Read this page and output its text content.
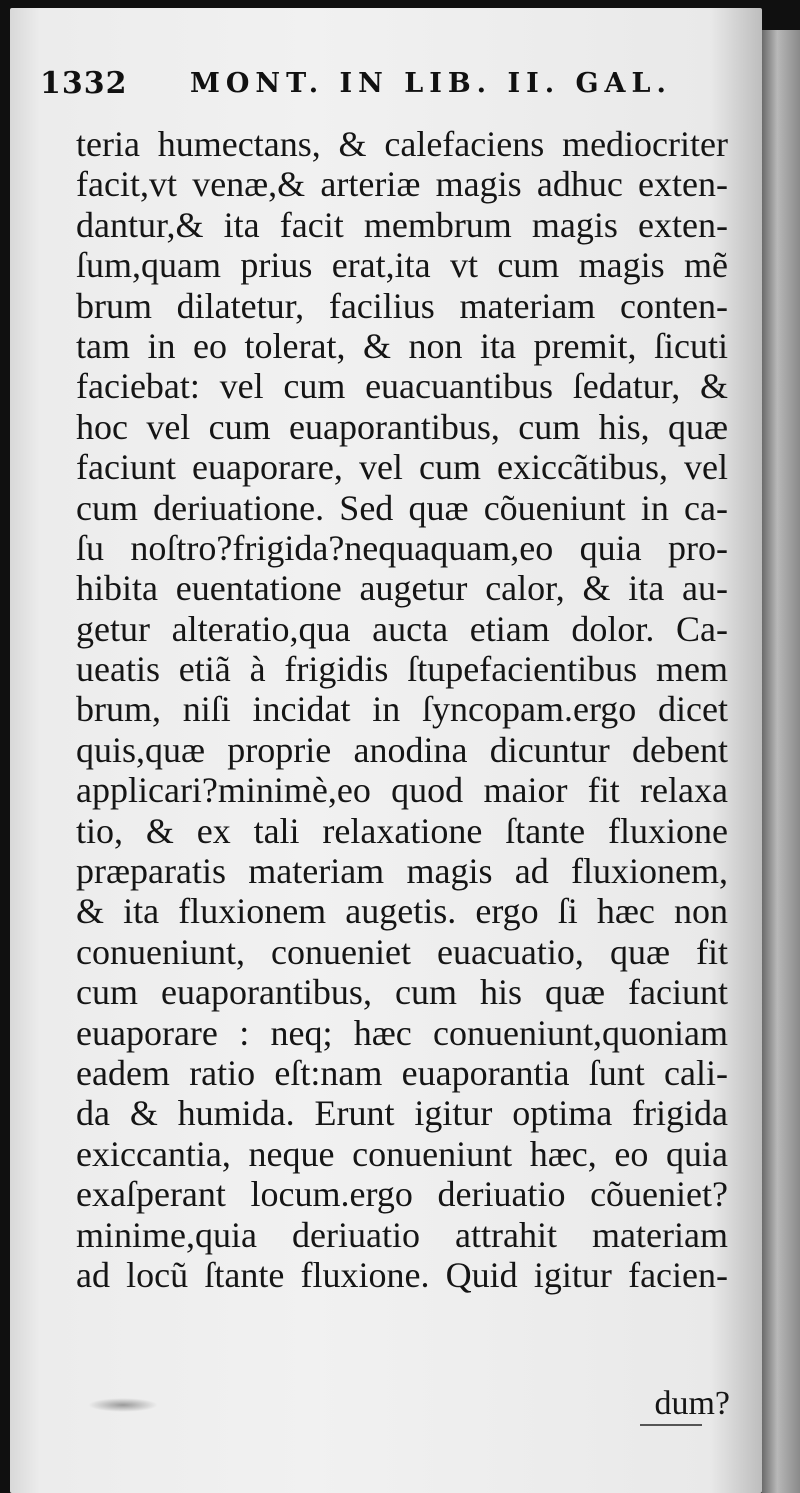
1332 MONT. IN LIB. II. GAL.
teria humectans, & calefaciens mediocriter
facit,vt venæ,& arteriæ magis adhuc exten-
dantur,& ita facit membrum magis exten-
ſum,quam prius erat,ita vt cum magis mẽ
brum dilatetur, facilius materiam conten-
tam in eo tolerat, & non ita premit, ſicuti
faciebat: vel cum euacuantibus ſedatur, &
hoc vel cum euaporantibus, cum his, quæ
faciunt euaporare, vel cum exiccãtibus, vel
cum deriuatione. Sed quæ cõueniunt in ca-
ſu noſtro?frigida?nequaquam,eo quia pro-
hibita euentatione augetur calor, & ita au-
getur alteratio,qua aucta etiam dolor. Ca-
ueatis etiã à frigidis ſtupefacientibus mem
brum, niſi incidat in ſyncopam.ergo dicet
quis,quæ proprie anodina dicuntur debent
applicari?minimè,eo quod maior fit relaxa
tio, & ex tali relaxatione ſtante fluxione
præparatis materiam magis ad fluxionem,
& ita fluxionem augetis. ergo ſi hæc non
conueniunt, conueniet euacuatio, quæ fit
cum euaporantibus, cum his quæ faciunt
euaporare : neq; hæc conueniunt,quoniam
eadem ratio eſt:nam euaporantia ſunt cali-
da & humida. Erunt igitur optima frigida
exiccantia, neque conueniunt hæc, eo quia
exaſperant locum.ergo deriuatio cõueniet?
minime,quia deriuatio attrahit materiam
ad locũ ſtante fluxione. Quid igitur facien-
dum?
